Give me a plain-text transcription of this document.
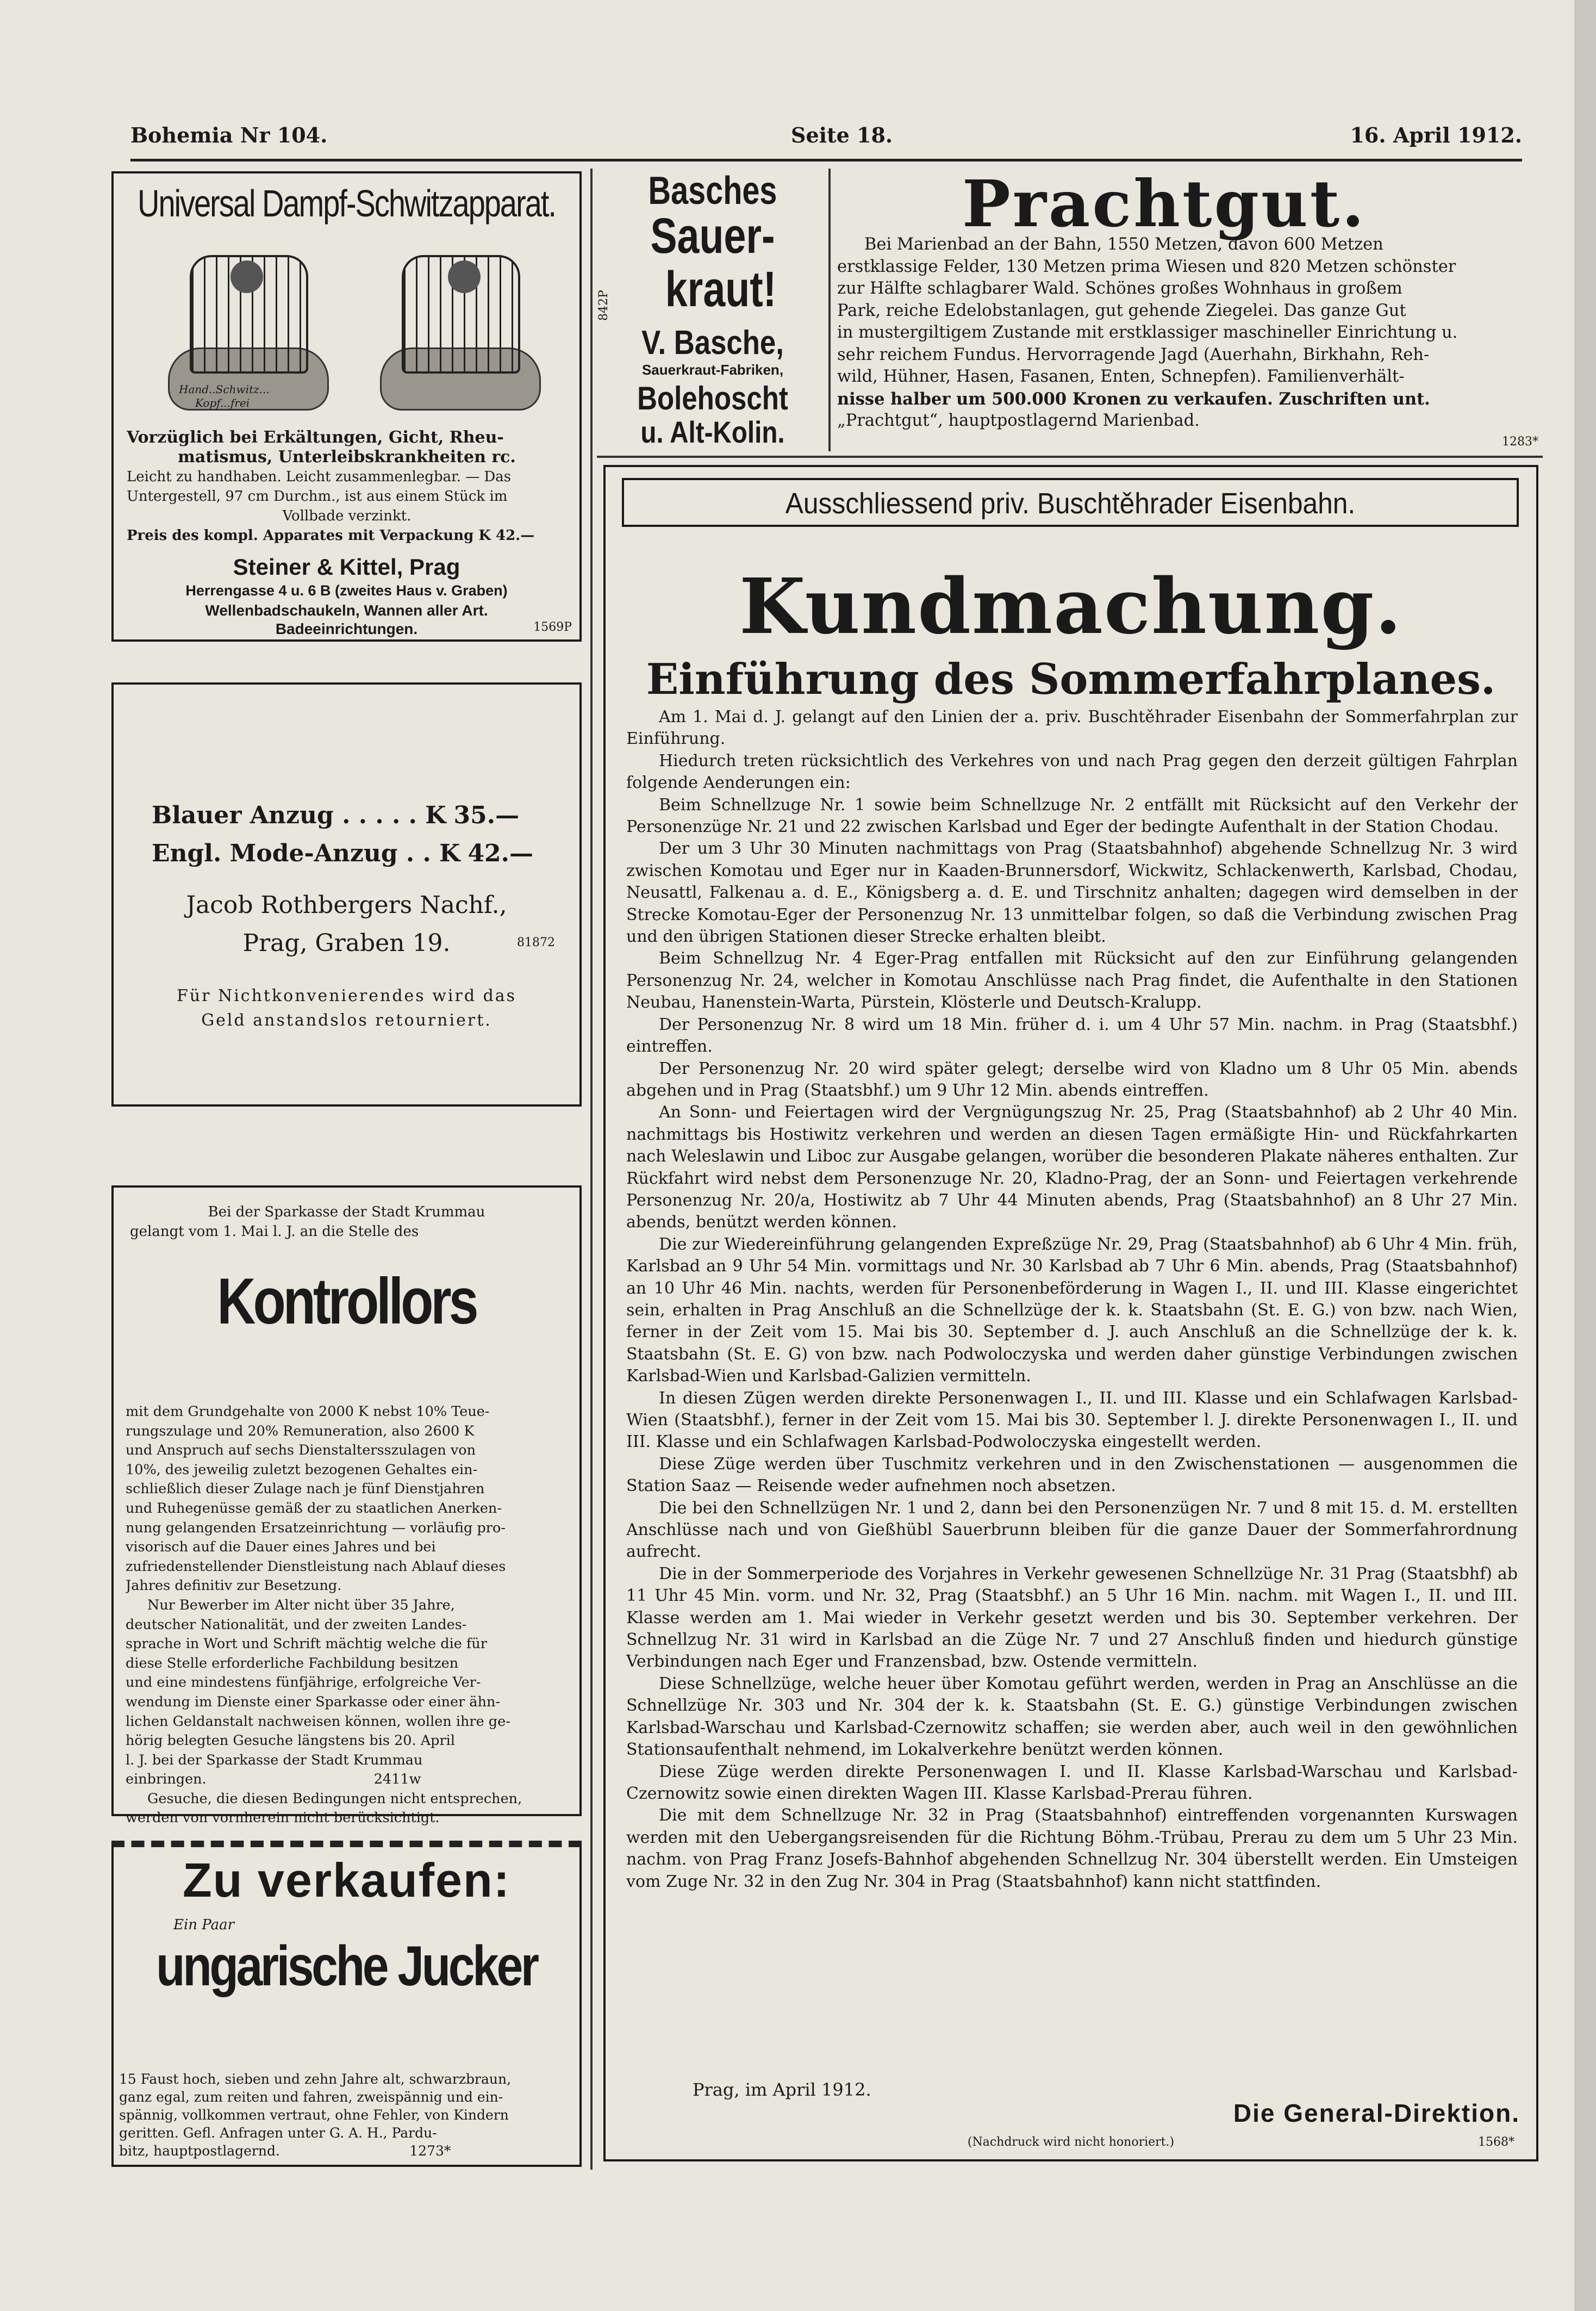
Bohemia Nr 104.	Seite 18.	16. April 1912.
Universal Dampf-Schwitzapparat.
Hand..Schwitz...
Kopf...frei
Vorzüglich bei Erkältungen, Gicht, Rheu-
matismus, Unterleibskrankheiten rc.
Leicht zu handhaben. Leicht zusammenlegbar. — Das
Untergestell, 97 cm Durchm., ist aus einem Stück im
Vollbade verzinkt.
Preis des kompl. Apparates mit Verpackung K 42.—
Steiner & Kittel, Prag
Herrengasse 4 u. 6 B (zweites Haus v. Graben)
Wellenbadschaukeln, Wannen aller Art.
Badeeinrichtungen.	1569P
Blauer Anzug . . . . . K 35.—
Engl. Mode-Anzug . . K 42.—
Jacob Rothbergers Nachf.,
Prag, Graben 19.	81872
Für Nichtkonvenierendes wird das
Geld anstandslos retourniert.
Bei der Sparkasse der Stadt Krummau
gelangt vom 1. Mai l. J. an die Stelle des
Kontrollors
mit dem Grundgehalte von 2000 K nebst 10% Teue-
rungszulage und 20% Remuneration, also 2600 K
und Anspruch auf sechs Dienstaltersszulagen von
10%, des jeweilig zuletzt bezogenen Gehaltes ein-
schließlich dieser Zulage nach je fünf Dienstjahren
und Ruhegenüsse gemäß der zu staatlichen Anerken-
nung gelangenden Ersatzeinrichtung — vorläufig pro-
visorisch auf die Dauer eines Jahres und bei
zufriedenstellender Dienstleistung nach Ablauf dieses
Jahres definitiv zur Besetzung.
Nur Bewerber im Alter nicht über 35 Jahre,
deutscher Nationalität, und der zweiten Landes-
sprache in Wort und Schrift mächtig welche die für
diese Stelle erforderliche Fachbildung besitzen
und eine mindestens fünfjährige, erfolgreiche Ver-
wendung im Dienste einer Sparkasse oder einer ähn-
lichen Geldanstalt nachweisen können, wollen ihre ge-
hörig belegten Gesuche längstens bis 20. April
l. J. bei der Sparkasse der Stadt Krummau
einbringen.                                      2411w
Gesuche, die diesen Bedingungen nicht entsprechen,
werden von vornherein nicht berücksichtigt.
Zu verkaufen:
Ein Paar
ungarische Jucker
15 Faust hoch, sieben und zehn Jahre alt, schwarzbraun,
ganz egal, zum reiten und fahren, zweispännig und ein-
spännig, vollkommen vertraut, ohne Fehler, von Kindern
geritten. Gefl. Anfragen unter G. A. H., Pardu-
bitz, hauptpostlagernd.                              1273*
Basches
Sauer-
kraut!
842P
V. Basche,
Sauerkraut-Fabriken,
Bolehoscht
u. Alt-Kolin.
Prachtgut.
Bei Marienbad an der Bahn, 1550 Metzen, davon 600 Metzen
erstklassige Felder, 130 Metzen prima Wiesen und 820 Metzen schönster
zur Hälfte schlagbarer Wald. Schönes großes Wohnhaus in großem
Park, reiche Edelobstanlagen, gut gehende Ziegelei. Das ganze Gut
in mustergiltigem Zustande mit erstklassiger maschineller Einrichtung u.
sehr reichem Fundus. Hervorragende Jagd (Auerhahn, Birkhahn, Reh-
wild, Hühner, Hasen, Fasanen, Enten, Schnepfen). Familienverhält-
nisse halber um 500.000 Kronen zu verkaufen. Zuschriften unt.
„Prachtgut“, hauptpostlagernd Marienbad.
1283*
Ausschliessend priv. Buschtěhrader Eisenbahn.
Kundmachung.
Einführung des Sommerfahrplanes.

Am 1. Mai d. J. gelangt auf den Linien der a. priv. Buschtěhrader Eisenbahn der Sommerfahrplan zur Einführung.

Hiedurch treten rücksichtlich des Verkehres von und nach Prag gegen den derzeit gültigen Fahrplan folgende Aenderungen ein:

Beim Schnellzuge Nr. 1 sowie beim Schnellzuge Nr. 2 entfällt mit Rücksicht auf den Verkehr der Personenzüge Nr. 21 und 22 zwischen Karlsbad und Eger der bedingte Aufenthalt in der Station Chodau.

Der um 3 Uhr 30 Minuten nachmittags von Prag (Staatsbahnhof) abgehende Schnellzug Nr. 3 wird zwischen Komotau und Eger nur in Kaaden-Brunnersdorf, Wickwitz, Schlackenwerth, Karlsbad, Chodau, Neusattl, Falkenau a. d. E., Königsberg a. d. E. und Tirschnitz anhalten; dagegen wird demselben in der Strecke Komotau-Eger der Personenzug Nr. 13 unmittelbar folgen, so daß die Verbindung zwischen Prag und den übrigen Stationen dieser Strecke erhalten bleibt.

Beim Schnellzug Nr. 4 Eger-Prag entfallen mit Rücksicht auf den zur Einführung gelangenden Personenzug Nr. 24, welcher in Komotau Anschlüsse nach Prag findet, die Aufenthalte in den Stationen Neubau, Hanenstein-Warta, Pürstein, Klösterle und Deutsch-Kralupp.

Der Personenzug Nr. 8 wird um 18 Min. früher d. i. um 4 Uhr 57 Min. nachm. in Prag (Staatsbhf.) eintreffen.

Der Personenzug Nr. 20 wird später gelegt; derselbe wird von Kladno um 8 Uhr 05 Min. abends abgehen und in Prag (Staatsbhf.) um 9 Uhr 12 Min. abends eintreffen.

An Sonn- und Feiertagen wird der Vergnügungszug Nr. 25, Prag (Staatsbahnhof) ab 2 Uhr 40 Min. nachmittags bis Hostiwitz verkehren und werden an diesen Tagen ermäßigte Hin- und Rückfahrkarten nach Weleslawin und Liboc zur Ausgabe gelangen, worüber die besonderen Plakate näheres enthalten. Zur Rückfahrt wird nebst dem Personenzuge Nr. 20, Kladno-Prag, der an Sonn- und Feiertagen verkehrende Personenzug Nr. 20/a, Hostiwitz ab 7 Uhr 44 Minuten abends, Prag (Staatsbahnhof) an 8 Uhr 27 Min. abends, benützt werden können.

Die zur Wiedereinführung gelangenden Expreßzüge Nr. 29, Prag (Staatsbahnhof) ab 6 Uhr 4 Min. früh, Karlsbad an 9 Uhr 54 Min. vormittags und Nr. 30 Karlsbad ab 7 Uhr 6 Min. abends, Prag (Staatsbahnhof) an 10 Uhr 46 Min. nachts, werden für Personenbeförderung in Wagen I., II. und III. Klasse eingerichtet sein, erhalten in Prag Anschluß an die Schnellzüge der k. k. Staatsbahn (St. E. G.) von bzw. nach Wien, ferner in der Zeit vom 15. Mai bis 30. September d. J. auch Anschluß an die Schnellzüge der k. k. Staatsbahn (St. E. G) von bzw. nach Podwoloczyska und werden daher günstige Verbindungen zwischen Karlsbad-Wien und Karlsbad-Galizien vermitteln.

In diesen Zügen werden direkte Personenwagen I., II. und III. Klasse und ein Schlafwagen Karlsbad-Wien (Staatsbhf.), ferner in der Zeit vom 15. Mai bis 30. September l. J. direkte Personenwagen I., II. und III. Klasse und ein Schlafwagen Karlsbad-Podwoloczyska eingestellt werden.

Diese Züge werden über Tuschmitz verkehren und in den Zwischenstationen — ausgenommen die Station Saaz — Reisende weder aufnehmen noch absetzen.

Die bei den Schnellzügen Nr. 1 und 2, dann bei den Personenzügen Nr. 7 und 8 mit 15. d. M. erstellten Anschlüsse nach und von Gießhübl Sauerbrunn bleiben für die ganze Dauer der Sommerfahrordnung aufrecht.

Die in der Sommerperiode des Vorjahres in Verkehr gewesenen Schnellzüge Nr. 31 Prag (Staatsbhf) ab 11 Uhr 45 Min. vorm. und Nr. 32, Prag (Staatsbhf.) an 5 Uhr 16 Min. nachm. mit Wagen I., II. und III. Klasse werden am 1. Mai wieder in Verkehr gesetzt werden und bis 30. September verkehren. Der Schnellzug Nr. 31 wird in Karlsbad an die Züge Nr. 7 und 27 Anschluß finden und hiedurch günstige Verbindungen nach Eger und Franzensbad, bzw. Ostende vermitteln.

Diese Schnellzüge, welche heuer über Komotau geführt werden, werden in Prag an Anschlüsse an die Schnellzüge Nr. 303 und Nr. 304 der k. k. Staatsbahn (St. E. G.) günstige Verbindungen zwischen Karlsbad-Warschau und Karlsbad-Czernowitz schaffen; sie werden aber, auch weil in den gewöhnlichen Stationsaufenthalt nehmend, im Lokalverkehre benützt werden können.

Diese Züge werden direkte Personenwagen I. und II. Klasse Karlsbad-Warschau und Karlsbad-Czernowitz sowie einen direkten Wagen III. Klasse Karlsbad-Prerau führen.

Die mit dem Schnellzuge Nr. 32 in Prag (Staatsbahnhof) eintreffenden vorgenannten Kurswagen werden mit den Uebergangsreisenden für die Richtung Böhm.-Trübau, Prerau zu dem um 5 Uhr 23 Min. nachm. von Prag Franz Josefs-Bahnhof abgehenden Schnellzug Nr. 304 überstellt werden. Ein Umsteigen vom Zuge Nr. 32 in den Zug Nr. 304 in Prag (Staatsbahnhof) kann nicht stattfinden.

Prag, im April 1912.
Die General-Direktion.
(Nachdruck wird nicht honoriert.)	1568*
